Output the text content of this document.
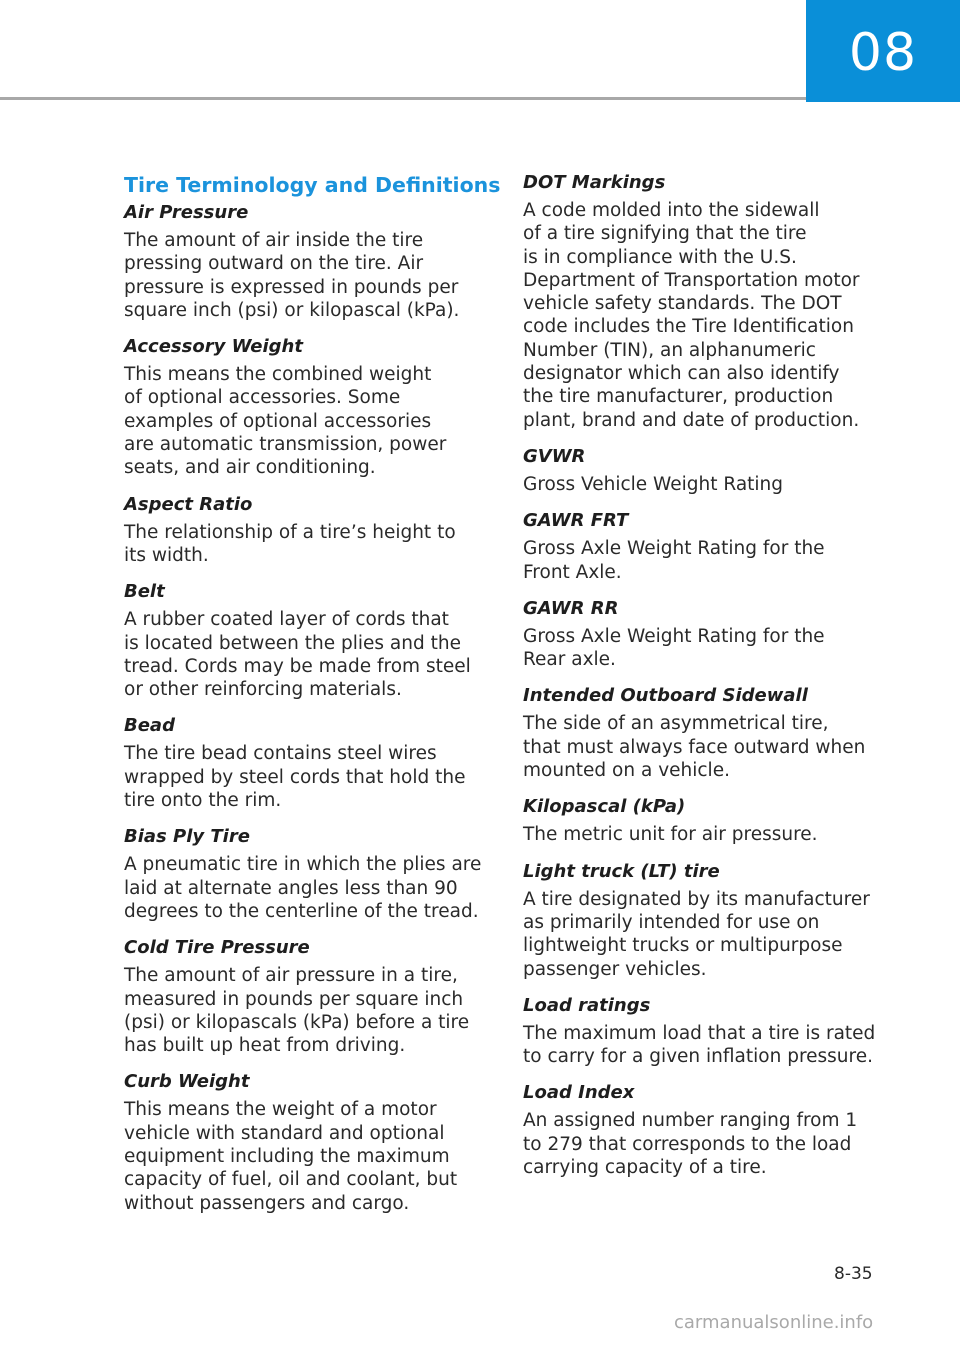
08
Tire Terminology and Definitions
Air Pressure
The amount of air inside the tire
pressing outward on the tire. Air
pressure is expressed in pounds per
square inch (psi) or kilopascal (kPa).
Accessory Weight
This means the combined weight
of optional accessories. Some
examples of optional accessories
are automatic transmission, power
seats, and air conditioning.
Aspect Ratio
The relationship of a tire’s height to
its width.
Belt
A rubber coated layer of cords that
is located between the plies and the
tread. Cords may be made from steel
or other reinforcing materials.
Bead
The tire bead contains steel wires
wrapped by steel cords that hold the
tire onto the rim.
Bias Ply Tire
A pneumatic tire in which the plies are
laid at alternate angles less than 90
degrees to the centerline of the tread.
Cold Tire Pressure
The amount of air pressure in a tire,
measured in pounds per square inch
(psi) or kilopascals (kPa) before a tire
has built up heat from driving.
Curb Weight
This means the weight of a motor
vehicle with standard and optional
equipment including the maximum
capacity of fuel, oil and coolant, but
without passengers and cargo.
DOT Markings
A code molded into the sidewall
of a tire signifying that the tire
is in compliance with the U.S.
Department of Transportation motor
vehicle safety standards. The DOT
code includes the Tire Identification
Number (TIN), an alphanumeric
designator which can also identify
the tire manufacturer, production
plant, brand and date of production.
GVWR
Gross Vehicle Weight Rating
GAWR FRT
Gross Axle Weight Rating for the
Front Axle.
GAWR RR
Gross Axle Weight Rating for the
Rear axle.
Intended Outboard Sidewall
The side of an asymmetrical tire,
that must always face outward when
mounted on a vehicle.
Kilopascal (kPa)
The metric unit for air pressure.
Light truck (LT) tire
A tire designated by its manufacturer
as primarily intended for use on
lightweight trucks or multipurpose
passenger vehicles.
Load ratings
The maximum load that a tire is rated
to carry for a given inflation pressure.
Load Index
An assigned number ranging from 1
to 279 that corresponds to the load
carrying capacity of a tire.
8-35
carmanualsonline.info
